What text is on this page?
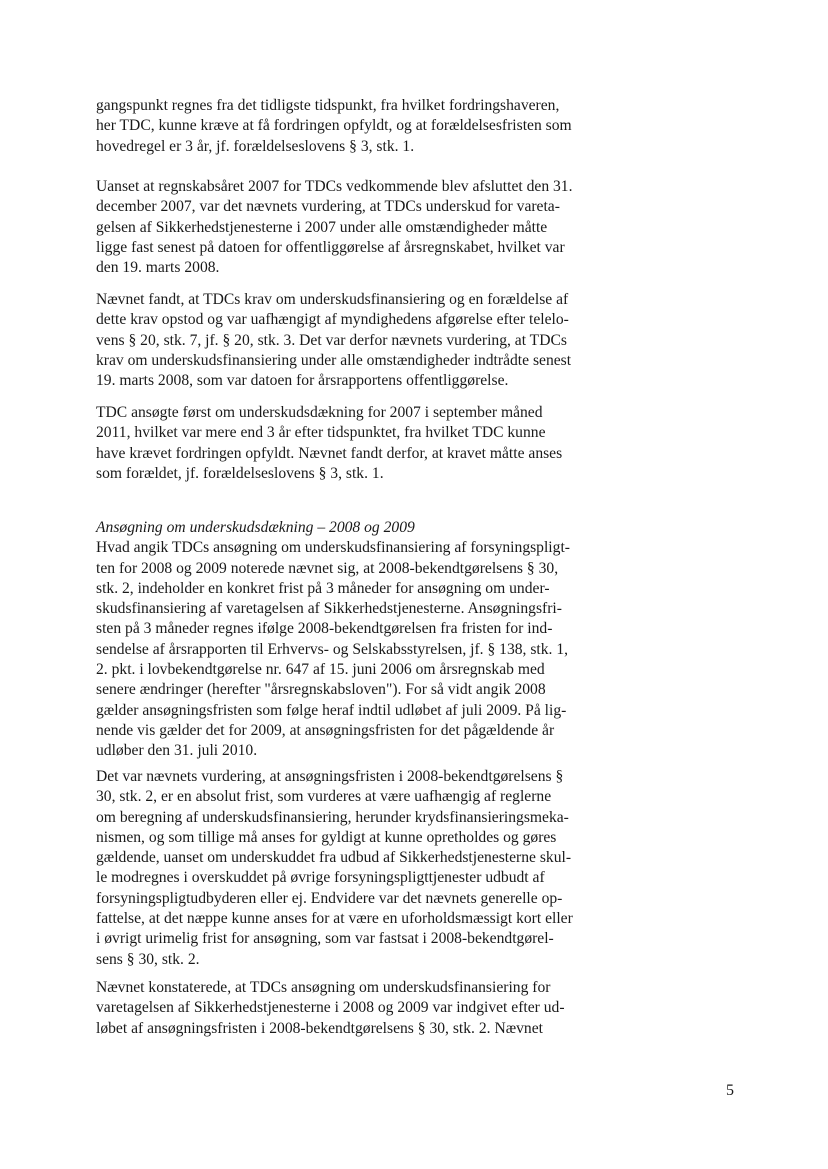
gangspunkt regnes fra det tidligste tidspunkt, fra hvilket fordringshaveren,
her TDC, kunne kræve at få fordringen opfyldt, og at forældelsesfristen som
hovedregel er 3 år, jf. forældelseslovens § 3, stk. 1.

Uanset at regnskabsåret 2007 for TDCs vedkommende blev afsluttet den 31.
december 2007, var det nævnets vurdering, at TDCs underskud for vareta-
gelsen af Sikkerhedstjenesterne i 2007 under alle omstændigheder måtte
ligge fast senest på datoen for offentliggørelse af årsregnskabet, hvilket var
den 19. marts 2008.

Nævnet fandt, at TDCs krav om underskudsfinansiering og en forældelse af
dette krav opstod og var uafhængigt af myndighedens afgørelse efter telelo-
vens § 20, stk. 7, jf. § 20, stk. 3. Det var derfor nævnets vurdering, at TDCs
krav om underskudsfinansiering under alle omstændigheder indtrådte senest
19. marts 2008, som var datoen for årsrapportens offentliggørelse.

TDC ansøgte først om underskudsdækning for 2007 i september måned
2011, hvilket var mere end 3 år efter tidspunktet, fra hvilket TDC kunne
have krævet fordringen opfyldt. Nævnet fandt derfor, at kravet måtte anses
som forældet, jf. forældelseslovens § 3, stk. 1.

Ansøgning om underskudsdækning – 2008 og 2009
Hvad angik TDCs ansøgning om underskudsfinansiering af forsyningspligt-
ten for 2008 og 2009 noterede nævnet sig, at 2008-bekendtgørelsens § 30,
stk. 2, indeholder en konkret frist på 3 måneder for ansøgning om under-
skudsfinansiering af varetagelsen af Sikkerhedstjenesterne. Ansøgningsfri-
sten på 3 måneder regnes ifølge 2008-bekendtgørelsen fra fristen for ind-
sendelse af årsrapporten til Erhvervs- og Selskabsstyrelsen, jf. § 138, stk. 1,
2. pkt. i lovbekendtgørelse nr. 647 af 15. juni 2006 om årsregnskab med
senere ændringer (herefter "årsregnskabsloven"). For så vidt angik 2008
gælder ansøgningsfristen som følge heraf indtil udløbet af juli 2009. På lig-
nende vis gælder det for 2009, at ansøgningsfristen for det pågældende år
udløber den 31. juli 2010.

Det var nævnets vurdering, at ansøgningsfristen i 2008-bekendtgørelsens §
30, stk. 2, er en absolut frist, som vurderes at være uafhængig af reglerne
om beregning af underskudsfinansiering, herunder krydsfinansieringsmeka-
nismen, og som tillige må anses for gyldigt at kunne opretholdes og gøres
gældende, uanset om underskuddet fra udbud af Sikkerhedstjenesterne skul-
le modregnes i overskuddet på øvrige forsyningspligttjenester udbudt af
forsyningspligtudbyderen eller ej. Endvidere var det nævnets generelle op-
fattelse, at det næppe kunne anses for at være en uforholdsmæssigt kort eller
i øvrigt urimelig frist for ansøgning, som var fastsat i 2008-bekendtgørel-
sens § 30, stk. 2.

Nævnet konstaterede, at TDCs ansøgning om underskudsfinansiering for
varetagelsen af Sikkerhedstjenesterne i 2008 og 2009 var indgivet efter ud-
løbet af ansøgningsfristen i 2008-bekendtgørelsens § 30, stk. 2. Nævnet

5
